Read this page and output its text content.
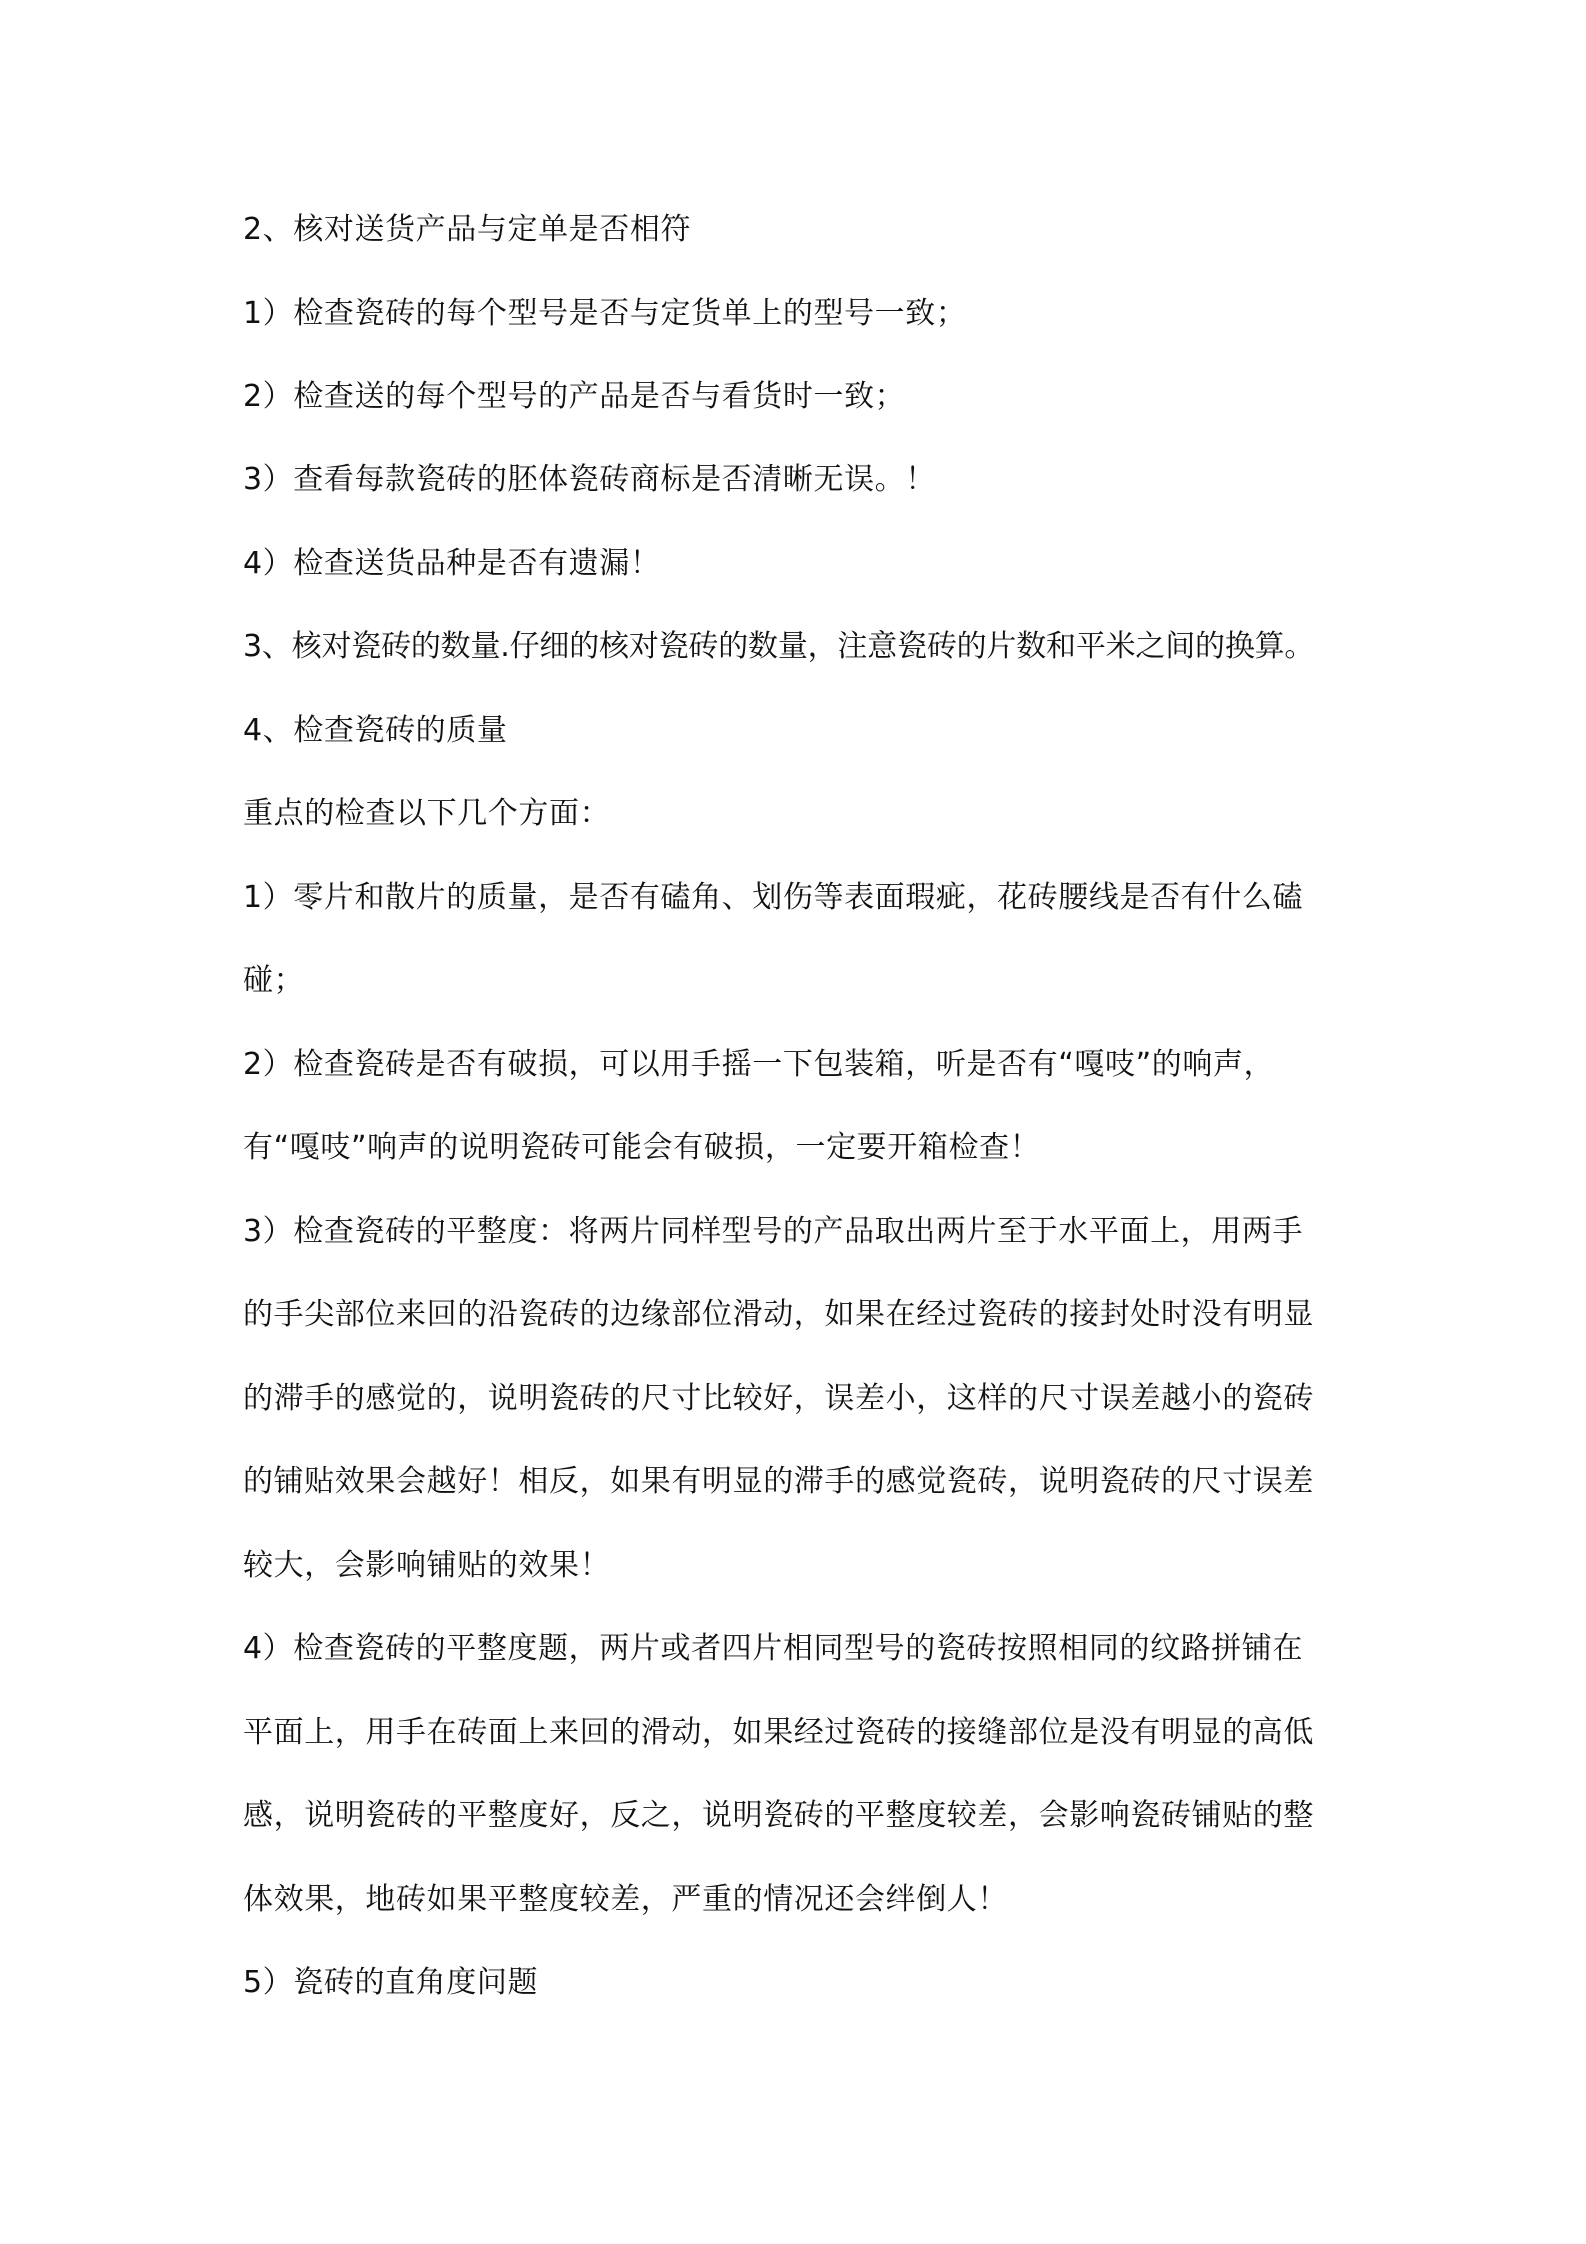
2、核对送货产品与定单是否相符
1）检查瓷砖的每个型号是否与定货单上的型号一致；
2）检查送的每个型号的产品是否与看货时一致；
3）查看每款瓷砖的胚体瓷砖商标是否清晰无误。！
4）检查送货品种是否有遗漏！
3、核对瓷砖的数量.仔细的核对瓷砖的数量，注意瓷砖的片数和平米之间的换算。
4、检查瓷砖的质量
重点的检查以下几个方面：
1）零片和散片的质量，是否有磕角、划伤等表面瑕疵，花砖腰线是否有什么磕
碰；
2）检查瓷砖是否有破损，可以用手摇一下包装箱，听是否有“嘎吱”的响声，
有“嘎吱”响声的说明瓷砖可能会有破损，一定要开箱检查！
3）检查瓷砖的平整度：将两片同样型号的产品取出两片至于水平面上，用两手
的手尖部位来回的沿瓷砖的边缘部位滑动，如果在经过瓷砖的接封处时没有明显
的滞手的感觉的，说明瓷砖的尺寸比较好，误差小，这样的尺寸误差越小的瓷砖
的铺贴效果会越好！相反，如果有明显的滞手的感觉瓷砖，说明瓷砖的尺寸误差
较大，会影响铺贴的效果！
4）检查瓷砖的平整度题，两片或者四片相同型号的瓷砖按照相同的纹路拼铺在
平面上，用手在砖面上来回的滑动，如果经过瓷砖的接缝部位是没有明显的高低
感，说明瓷砖的平整度好，反之，说明瓷砖的平整度较差，会影响瓷砖铺贴的整
体效果，地砖如果平整度较差，严重的情况还会绊倒人！
5）瓷砖的直角度问题
